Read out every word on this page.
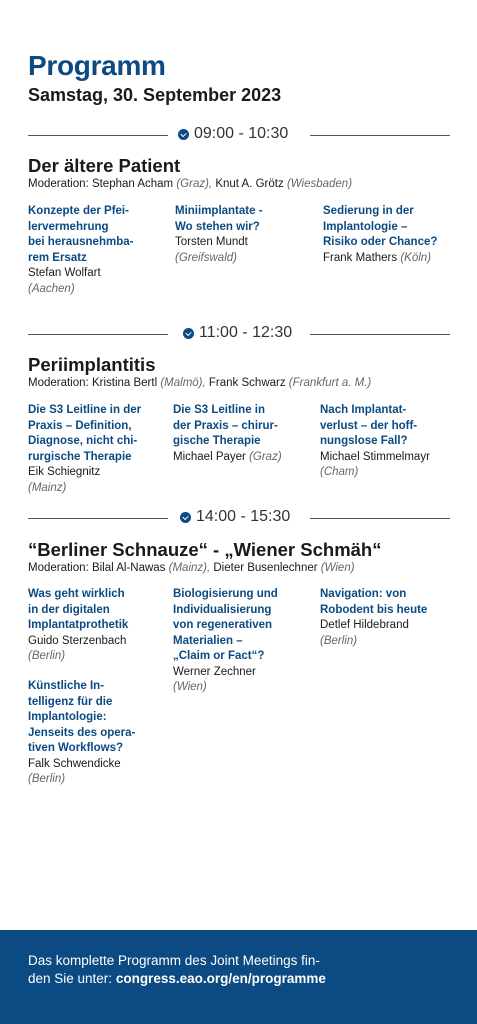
Programm
Samstag, 30. September 2023
09:00 - 10:30
Der ältere Patient
Moderation: Stephan Acham (Graz), Knut A. Grötz (Wiesbaden)
Konzepte der Pfei-
lervermehrung
bei herausnehmba-
rem Ersatz
Stefan Wolfart
(Aachen)
Miniimplantate -
Wo stehen wir?
Torsten Mundt
(Greifswald)
Sedierung in der
Implantologie –
Risiko oder Chance?
Frank Mathers (Köln)
11:00 - 12:30
Periimplantitis
Moderation: Kristina Bertl (Malmö), Frank Schwarz (Frankfurt a. M.)
Die S3 Leitline in der
Praxis – Definition,
Diagnose, nicht chi-
rurgische Therapie
Eik Schiegnitz
(Mainz)
Die S3 Leitline in
der Praxis – chirur-
gische Therapie
Michael Payer (Graz)
Nach Implantat-
verlust – der hoff-
nungslose Fall?
Michael Stimmelmayr
(Cham)
14:00 - 15:30
“Berliner Schnauze“ - „Wiener Schmäh“
Moderation: Bilal Al-Nawas (Mainz), Dieter Busenlechner (Wien)
Was geht wirklich
in der digitalen
Implantatprothetik
Guido Sterzenbach
(Berlin)
Biologisierung und
Individualisierung
von regenerativen
Materialien –
„Claim or Fact“?
Werner Zechner
(Wien)
Navigation: von
Robodent bis heute
Detlef Hildebrand
(Berlin)
Künstliche In-
telligenz für die
Implantologie:
Jenseits des opera-
tiven Workflows?
Falk Schwendicke
(Berlin)
Das komplette Programm des Joint Meetings fin-
den Sie unter: congress.eao.org/en/programme
